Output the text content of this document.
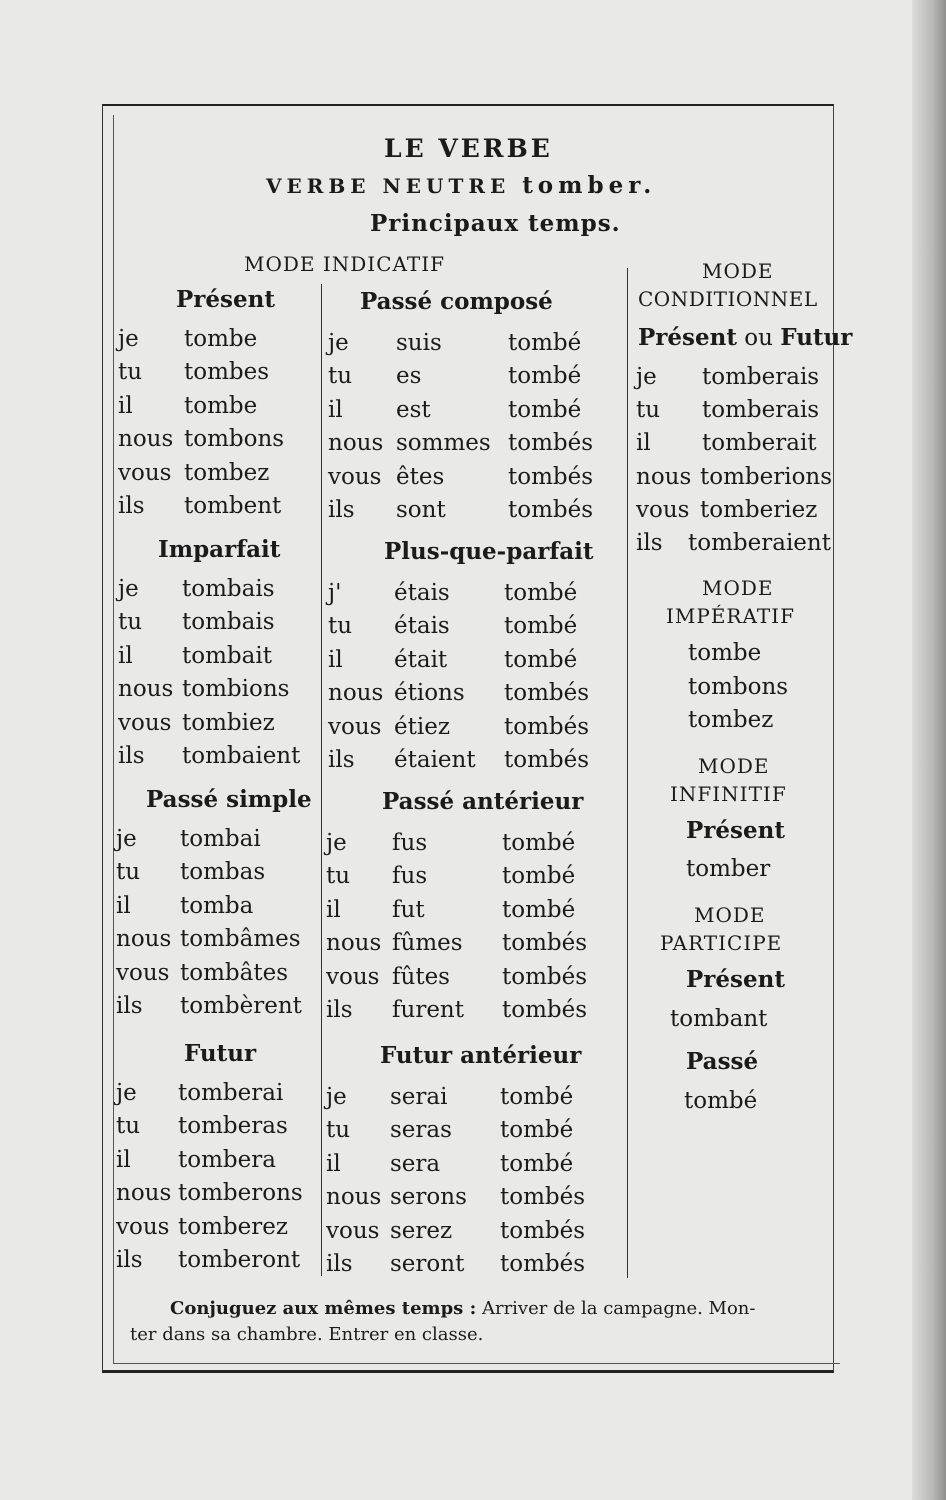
LE VERBE
VERBE NEUTRE tomber.
Principaux temps.
MODE INDICATIF
Présent
je tombe
tu tombes
il tombe
nous tombons
vous tombez
ils tombent
Imparfait
je tombais
tu tombais
il tombait
nous tombions
vous tombiez
ils tombaient
Passé simple
je tombai
tu tombas
il tomba
nous tombâmes
vous tombâtes
ils tombèrent
Futur
je tomberai
tu tomberas
il tombera
nous tomberons
vous tomberez
ils tomberont
Passé composé
je suis	tombé
tu es	tombé
il est	tombé
nous sommes tombés
vous êtes	tombés
ils sont	tombés
Plus-que-parfait
j' étais tombé
tu étais tombé
il était tombé
nous étions tombés
vous étiez tombés
ils étaient tombés
Passé antérieur
je fus	tombé
tu fus	tombé
il fut	tombé
nous fûmes tombés
vous fûtes tombés
ils furent tombés
Futur antérieur
je serai tombé
tu seras tombé
il sera	tombé
nous serons tombés
vous serez tombés
ils seront tombés
MODE
CONDITIONNEL
Présent ou Futur
je tomberais
tu tomberais
il tomberait
nous tomberions
vous tomberiez
ils tomberaient
MODE
IMPÉRATIF
tombe
tombons
tombez
MODE
INFINITIF
Présent
tomber
MODE
PARTICIPE
Présent
tombant
Passé
tombé
Conjuguez aux mêmes temps : Arriver de la campagne. Mon-
ter dans sa chambre. Entrer en classe.
